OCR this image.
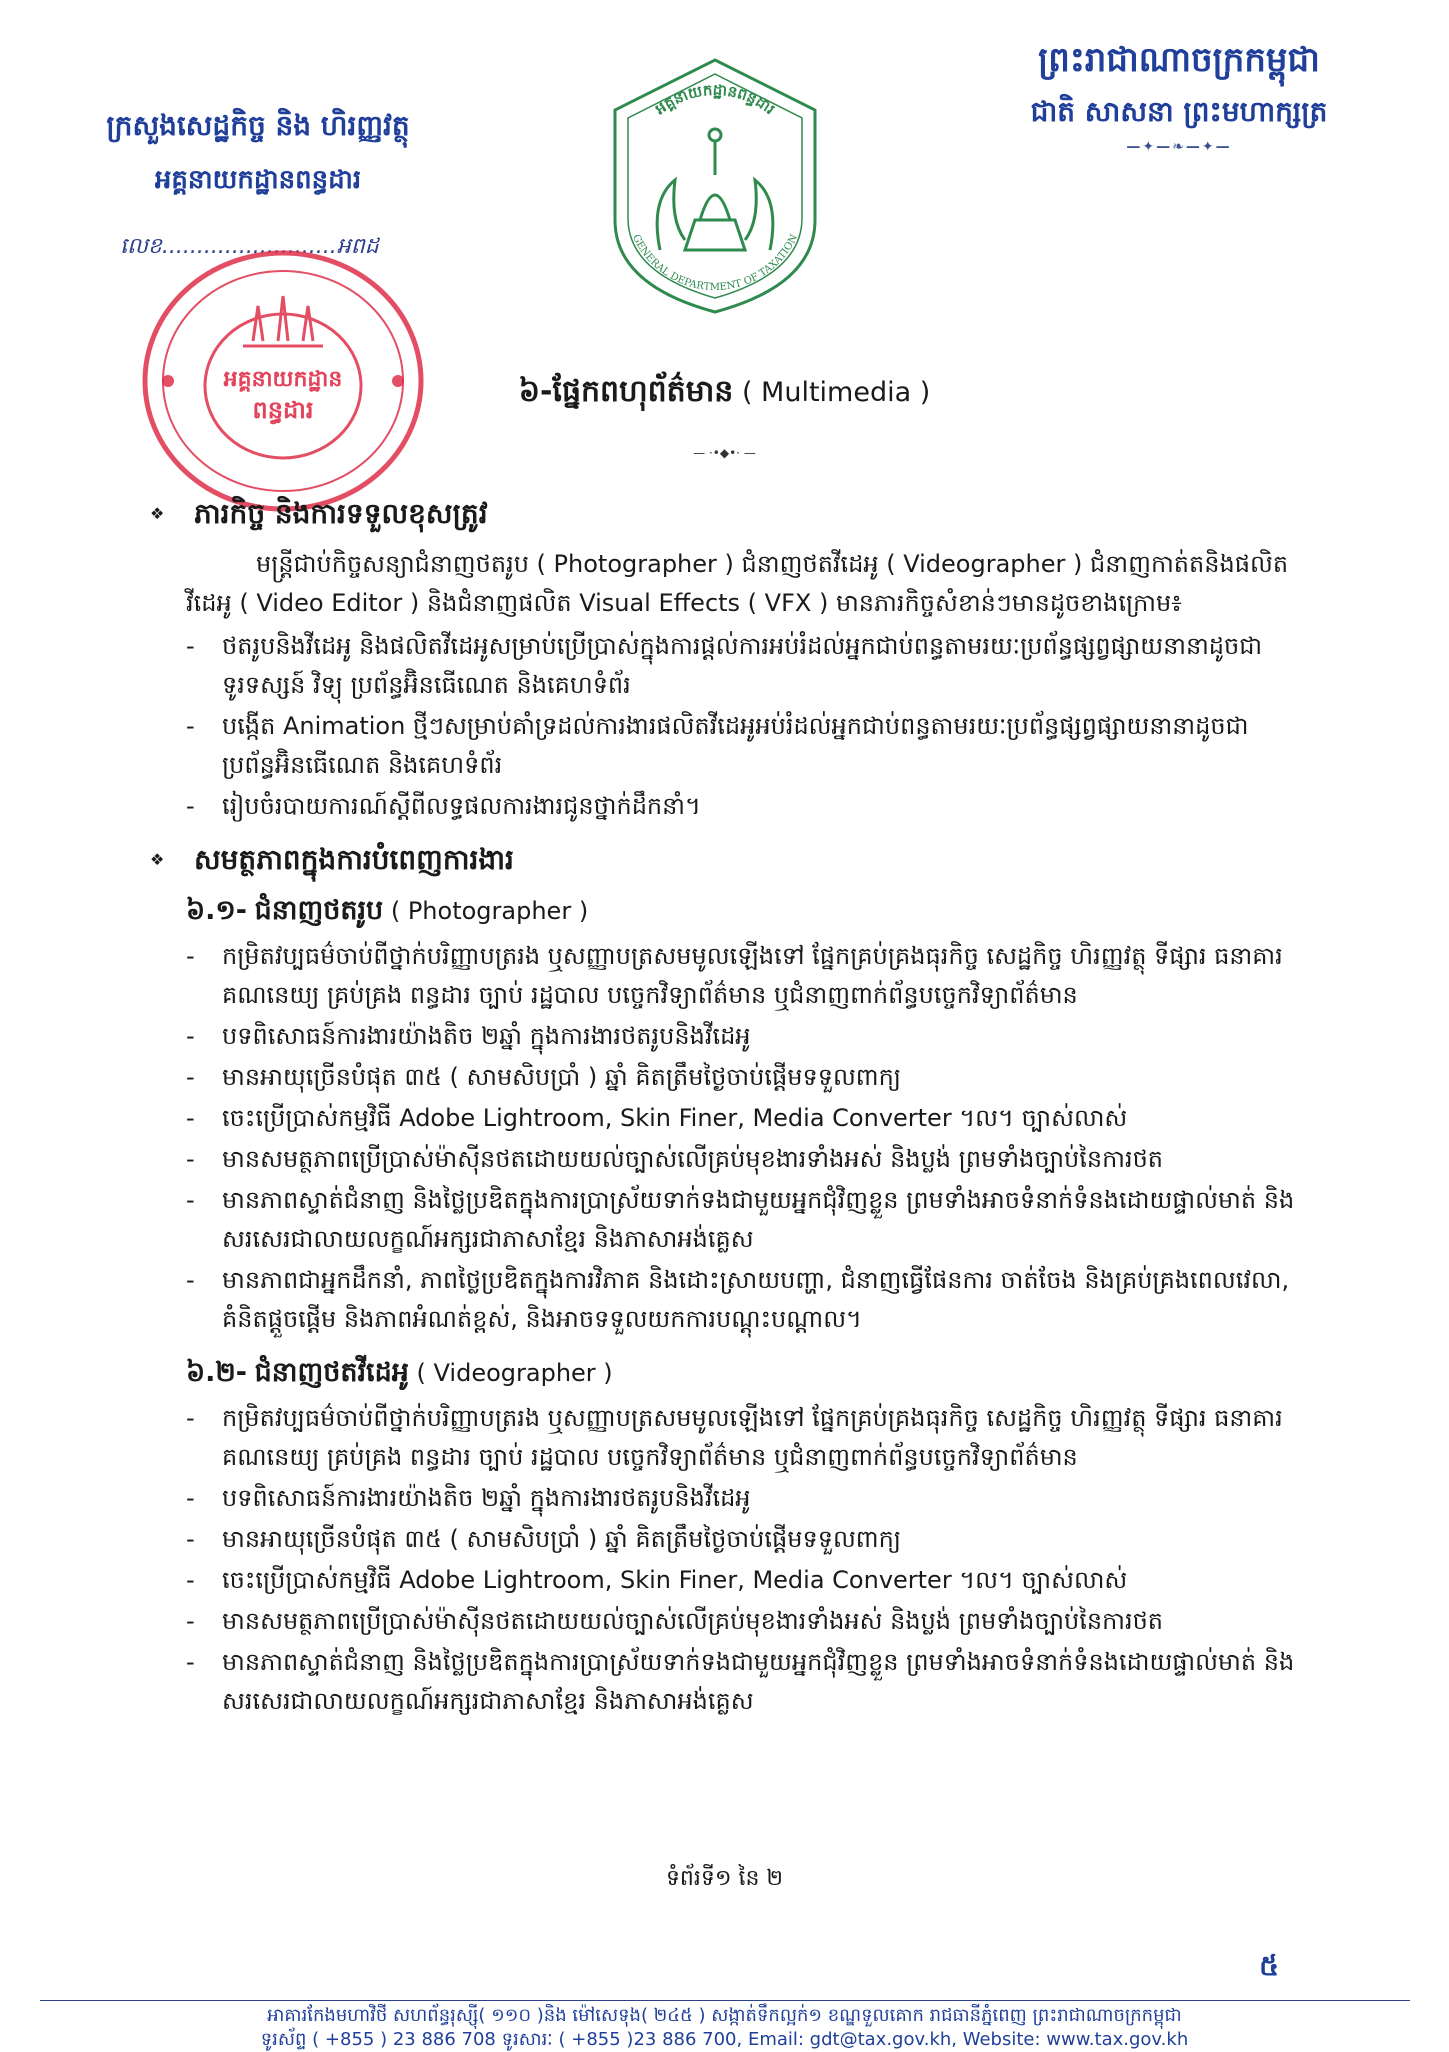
ព្រះរាជាណាចក្រកម្ពុជា
ជាតិ សាសនា ព្រះមហាក្សត្រ
—✦—❧—✦—
ក្រសួងសេដ្ឋកិច្ច និង ហិរញ្ញវត្ថុ
អគ្គនាយកដ្ឋានពន្ធដារ
លេខ.........................អពដ
អគ្គនាយកដ្ឋានពន្ធដារ
GENERAL DEPARTMENT OF TAXATION
អគ្គនាយកដ្ឋាន
ពន្ធដារ
៦-ផ្នែកពហុព័ត៌មាន ( Multimedia )
— ·•◆•· —
❖ ភារកិច្ច និងការទទួលខុសត្រូវ

មន្ត្រីជាប់កិច្ចសន្យាជំនាញថតរូប ( Photographer ) ជំនាញថតវីដេអូ ( Videographer ) ជំនាញកាត់តនិងផលិតវីដេអូ ( Video Editor ) និងជំនាញផលិត Visual Effects ( VFX ) មានភារកិច្ចសំខាន់ៗមានដូចខាងក្រោម៖

- ថតរូបនិងវីដេអូ និងផលិតវីដេអូសម្រាប់ប្រើប្រាស់ក្នុងការផ្តល់ការអប់រំដល់អ្នកជាប់ពន្ធតាមរយៈប្រព័ន្ធផ្សព្វផ្សាយនានាដូចជា ទូរទស្សន៍ វិទ្យុ ប្រព័ន្ធអ៊ិនធើណេត និងគេហទំព័រ
- បង្កើត Animation ថ្មីៗសម្រាប់គាំទ្រដល់ការងារផលិតវីដេអូអប់រំដល់អ្នកជាប់ពន្ធតាមរយៈប្រព័ន្ធផ្សព្វផ្សាយនានាដូចជា ប្រព័ន្ធអ៊ិនធើណេត និងគេហទំព័រ
- រៀបចំរបាយការណ៍ស្តីពីលទ្ធផលការងារជូនថ្នាក់ដឹកនាំ។
❖ សមត្ថភាពក្នុងការបំពេញការងារ
៦.១- ជំនាញថតរូប ( Photographer )
- កម្រិតវប្បធម៌ចាប់ពីថ្នាក់បរិញ្ញាបត្ររង ឬសញ្ញាបត្រសមមូលឡើងទៅ ផ្នែកគ្រប់គ្រងធុរកិច្ច សេដ្ឋកិច្ច ហិរញ្ញវត្ថុ ទីផ្សារ ធនាគារ គណនេយ្យ គ្រប់គ្រង ពន្ធដារ ច្បាប់ រដ្ឋបាល បច្ចេកវិទ្យាព័ត៌មាន ឬជំនាញពាក់ព័ន្ធបច្ចេកវិទ្យាព័ត៌មាន
- បទពិសោធន៍ការងារយ៉ាងតិច ២ឆ្នាំ ក្នុងការងារថតរូបនិងវីដេអូ
- មានអាយុច្រើនបំផុត ៣៥ ( សាមសិបប្រាំ ) ឆ្នាំ គិតត្រឹមថ្ងៃចាប់ផ្តើមទទួលពាក្យ
- ចេះប្រើប្រាស់កម្មវិធី Adobe Lightroom, Skin Finer, Media Converter ។ល។ ច្បាស់លាស់
- មានសមត្ថភាពប្រើប្រាស់ម៉ាស៊ីនថតដោយយល់ច្បាស់លើគ្រប់មុខងារទាំងអស់ និងប្លង់ ព្រមទាំងច្បាប់នៃការថត
- មានភាពស្ទាត់ជំនាញ និងថ្លៃប្រឌិតក្នុងការប្រាស្រ័យទាក់ទងជាមួយអ្នកជុំវិញខ្លួន ព្រមទាំងអាចទំនាក់ទំនងដោយផ្ទាល់មាត់ និងសរសេរជាលាយលក្ខណ៍អក្សរជាភាសាខ្មែរ និងភាសាអង់គ្លេស
- មានភាពជាអ្នកដឹកនាំ, ភាពថ្លៃប្រឌិតក្នុងការវិភាគ និងដោះស្រាយបញ្ហា, ជំនាញធ្វើផែនការ ចាត់ចែង និងគ្រប់គ្រងពេលវេលា, គំនិតផ្តួចផ្តើម និងភាពអំណត់ខ្ពស់, និងអាចទទួលយកការបណ្តុះបណ្តាល។
៦.២- ជំនាញថតវីដេអូ ( Videographer )
- កម្រិតវប្បធម៌ចាប់ពីថ្នាក់បរិញ្ញាបត្ររង ឬសញ្ញាបត្រសមមូលឡើងទៅ ផ្នែកគ្រប់គ្រងធុរកិច្ច សេដ្ឋកិច្ច ហិរញ្ញវត្ថុ ទីផ្សារ ធនាគារ គណនេយ្យ គ្រប់គ្រង ពន្ធដារ ច្បាប់ រដ្ឋបាល បច្ចេកវិទ្យាព័ត៌មាន ឬជំនាញពាក់ព័ន្ធបច្ចេកវិទ្យាព័ត៌មាន
- បទពិសោធន៍ការងារយ៉ាងតិច ២ឆ្នាំ ក្នុងការងារថតរូបនិងវីដេអូ
- មានអាយុច្រើនបំផុត ៣៥ ( សាមសិបប្រាំ ) ឆ្នាំ គិតត្រឹមថ្ងៃចាប់ផ្តើមទទួលពាក្យ
- ចេះប្រើប្រាស់កម្មវិធី Adobe Lightroom, Skin Finer, Media Converter ។ល។ ច្បាស់លាស់
- មានសមត្ថភាពប្រើប្រាស់ម៉ាស៊ីនថតដោយយល់ច្បាស់លើគ្រប់មុខងារទាំងអស់ និងប្លង់ ព្រមទាំងច្បាប់នៃការថត
- មានភាពស្ទាត់ជំនាញ និងថ្លៃប្រឌិតក្នុងការប្រាស្រ័យទាក់ទងជាមួយអ្នកជុំវិញខ្លួន ព្រមទាំងអាចទំនាក់ទំនងដោយផ្ទាល់មាត់ និងសរសេរជាលាយលក្ខណ៍អក្សរជាភាសាខ្មែរ និងភាសាអង់គ្លេស
ទំព័រទី១ នៃ ២
៥
អាគារកែងមហាវិថី សហព័ន្ធរុស្ស៊ី( ១១០ )និង ម៉ៅសេទុង( ២៤៥ ) សង្កាត់ទឹកល្អក់១ ខណ្ឌទួលគោក រាជធានីភ្នំពេញ ព្រះរាជាណាចក្រកម្ពុជា
ទូរស័ព្ទ ( +855 ) 23 886 708 ទូរសារៈ ( +855 )23 886 700, Email: gdt@tax.gov.kh, Website: www.tax.gov.kh
